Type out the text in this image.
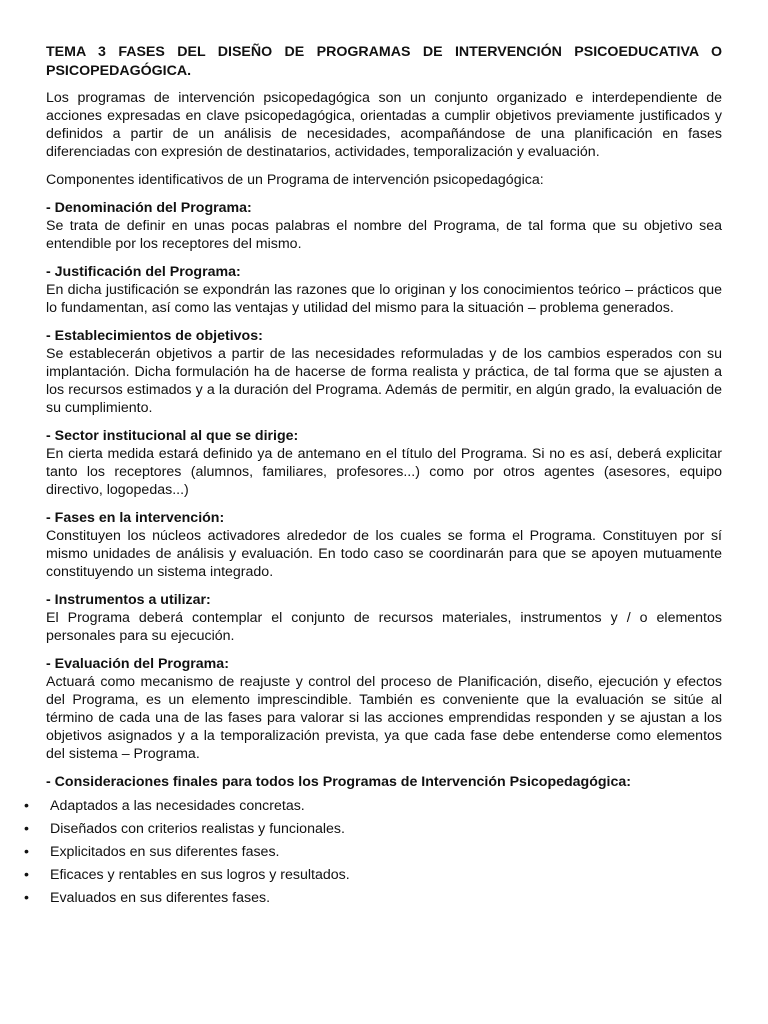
TEMA 3 FASES DEL DISEÑO DE PROGRAMAS DE INTERVENCIÓN PSICOEDUCATIVA O PSICOPEDAGÓGICA.

Los programas de intervención psicopedagógica son un conjunto organizado e interdependiente de acciones expresadas en clave psicopedagógica, orientadas a cumplir objetivos previamente justificados y definidos a partir de un análisis de necesidades, acompañándose de una planificación en fases diferenciadas con expresión de destinatarios, actividades, temporalización y evaluación.

Componentes identificativos de un Programa de intervención psicopedagógica:

- Denominación del Programa:
Se trata de definir en unas pocas palabras el nombre del Programa, de tal forma que su objetivo sea entendible por los receptores del mismo.
- Justificación del Programa:
En dicha justificación se expondrán las razones que lo originan y los conocimientos teórico – prácticos que lo fundamentan, así como las ventajas y utilidad del mismo para la situación – problema generados.
- Establecimientos de objetivos:
Se establecerán objetivos a partir de las necesidades reformuladas y de los cambios esperados con su implantación. Dicha formulación ha de hacerse de forma realista y práctica, de tal forma que se ajusten a los recursos estimados y a la duración del Programa. Además de permitir, en algún grado, la evaluación de su cumplimiento.
- Sector institucional al que se dirige:
En cierta medida estará definido ya de antemano en el título del Programa. Si no es así, deberá explicitar tanto los receptores (alumnos, familiares, profesores...) como por otros agentes (asesores, equipo directivo, logopedas...)
- Fases en la intervención:
Constituyen los núcleos activadores alrededor de los cuales se forma el Programa. Constituyen por sí mismo unidades de análisis y evaluación. En todo caso se coordinarán para que se apoyen mutuamente constituyendo un sistema integrado.
- Instrumentos a utilizar:
El Programa deberá contemplar el conjunto de recursos materiales, instrumentos y / o elementos personales para su ejecución.
- Evaluación del Programa:
Actuará como mecanismo de reajuste y control del proceso de Planificación, diseño, ejecución y efectos del Programa, es un elemento imprescindible. También es conveniente que la evaluación se sitúe al término de cada una de las fases para valorar si las acciones emprendidas responden y se ajustan a los objetivos asignados y a la temporalización prevista, ya que cada fase debe entenderse como elementos del sistema – Programa.
- Consideraciones finales para todos los Programas de Intervención Psicopedagógica:
• Adaptados a las necesidades concretas.
• Diseñados con criterios realistas y funcionales.
• Explicitados en sus diferentes fases.
• Eficaces y rentables en sus logros y resultados.
• Evaluados en sus diferentes fases.
